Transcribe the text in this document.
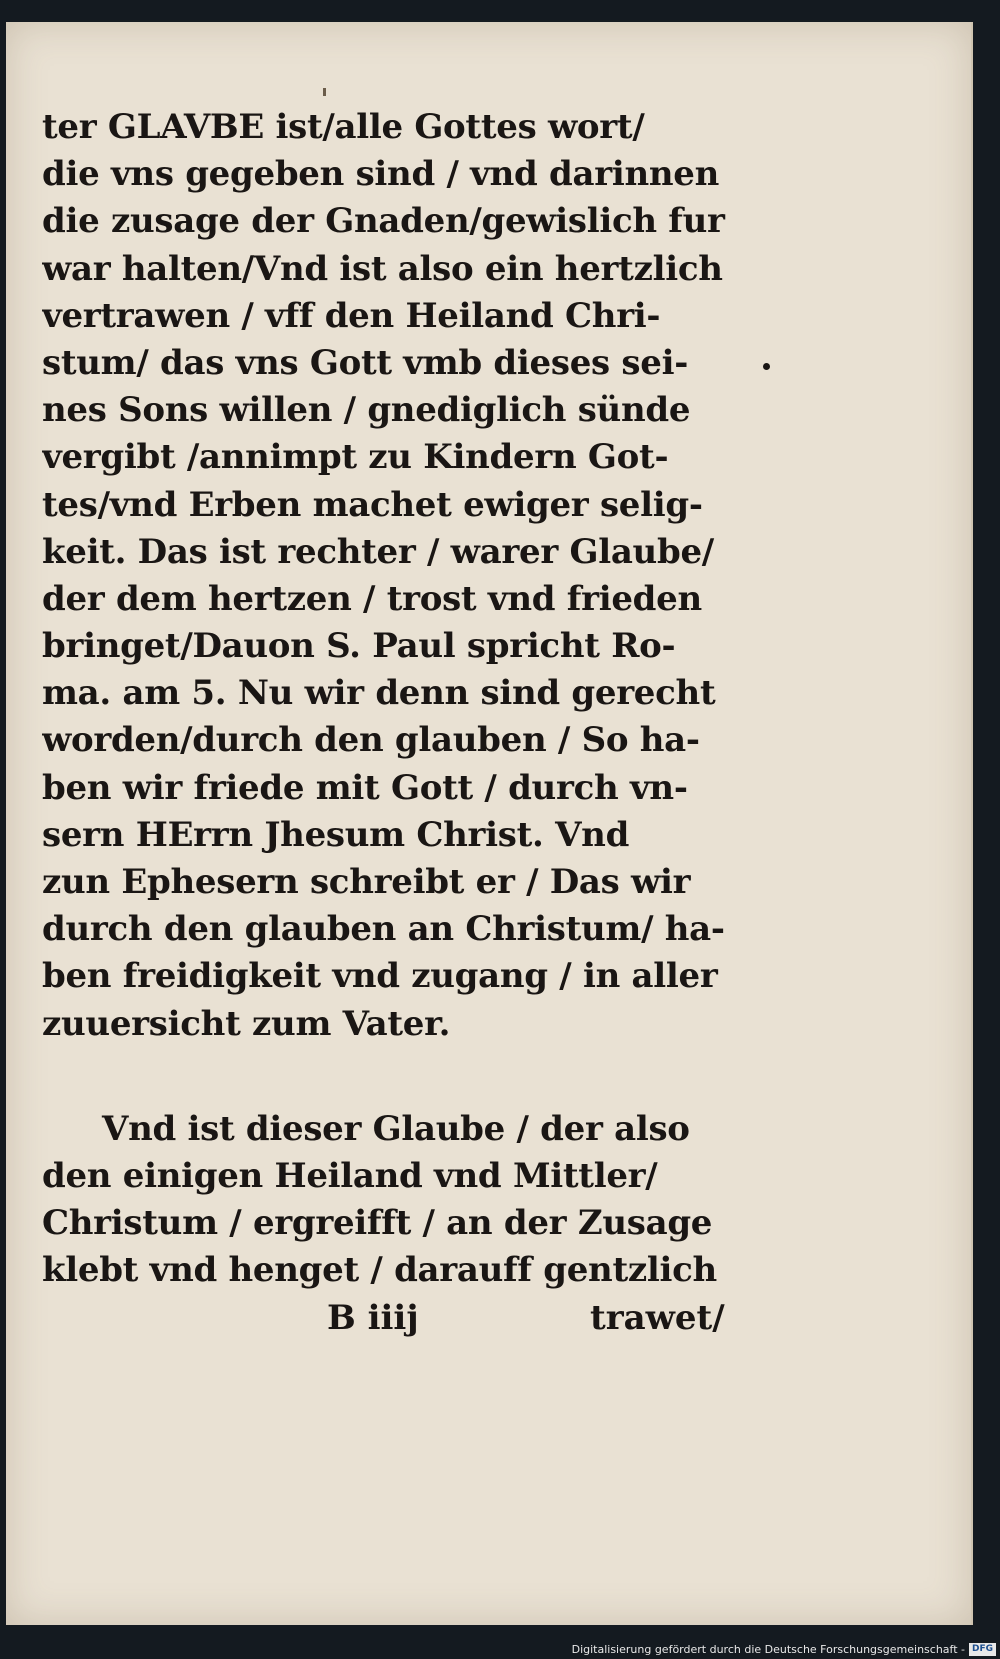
ter GLAVBE ist/alle Gottes wort/
die vns gegeben sind / vnd darinnen
die zusage der Gnaden/gewislich fur
war halten/Vnd ist also ein hertzlich
vertrawen / vff den Heiland Chri-
stum/ das vns Gott vmb dieses sei-
nes Sons willen / gnediglich sünde
vergibt /annimpt zu Kindern Got-
tes/vnd Erben machet ewiger selig-
keit. Das ist rechter / warer Glaube/
der dem hertzen / trost vnd frieden
bringet/Dauon S. Paul spricht Ro-
ma. am 5. Nu wir denn sind gerecht
worden/durch den glauben / So ha-
ben wir friede mit Gott / durch vn-
sern HErrn Jhesum Christ. Vnd
zun Ephesern schreibt er / Das wir
durch den glauben an Christum/ ha-
ben freidigkeit vnd zugang / in aller
zuuersicht zum Vater.
Vnd ist dieser Glaube / der also
den einigen Heiland vnd Mittler/
Christum / ergreifft / an der Zusage
klebt vnd henget / darauff gentzlich
B iiij	trawet/
Digitalisierung gefördert durch die Deutsche Forschungsgemeinschaft - DFG
